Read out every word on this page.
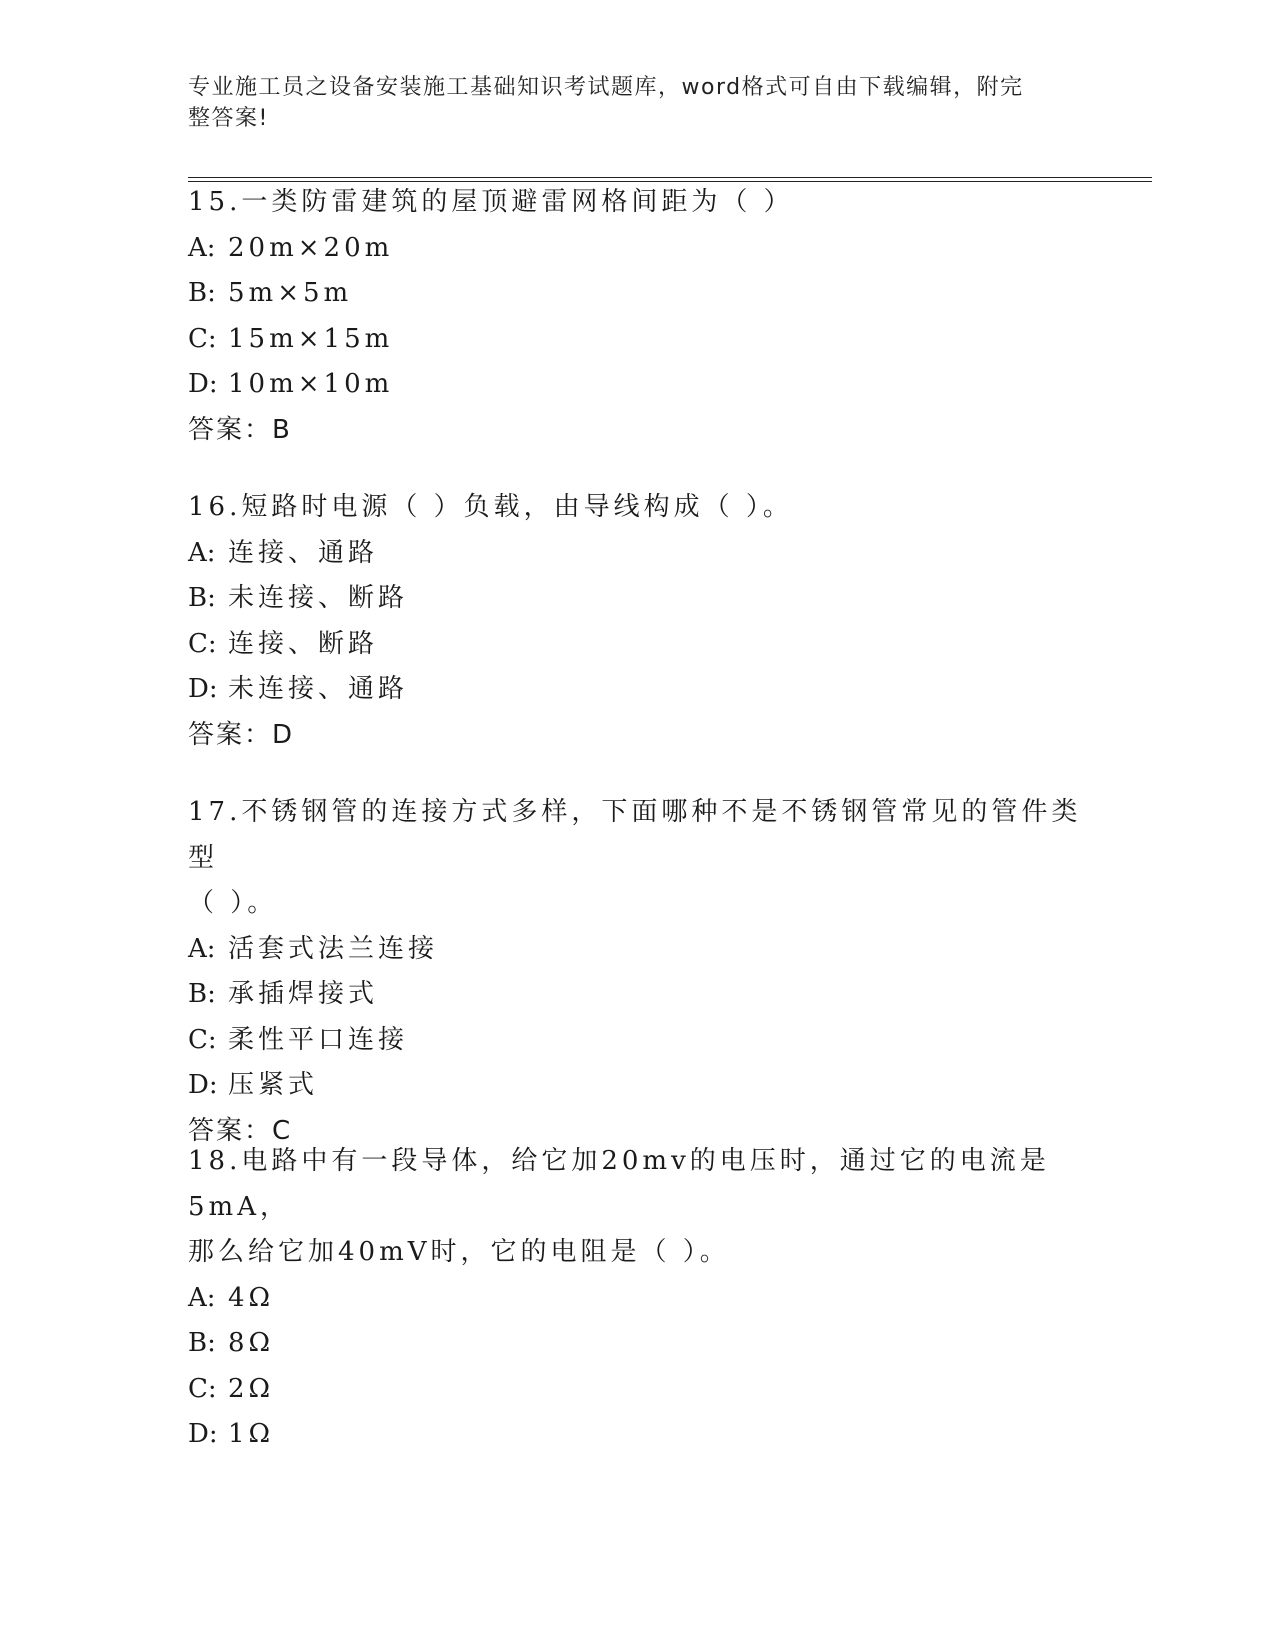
专业施工员之设备安装施工基础知识考试题库，word格式可自由下载编辑，附完
整答案!
15.一类防雷建筑的屋顶避雷网格间距为（ ）
A: 20m×20m
B: 5m×5m
C: 15m×15m
D: 10m×10m
答案：B
16.短路时电源（ ）负载，由导线构成（ ）。
A: 连接、通路
B: 未连接、断路
C: 连接、断路
D: 未连接、通路
答案：D
17.不锈钢管的连接方式多样，下面哪种不是不锈钢管常见的管件类型
（ ）。
A: 活套式法兰连接
B: 承插焊接式
C: 柔性平口连接
D: 压紧式
答案：C
18.电路中有一段导体，给它加20mv的电压时，通过它的电流是5mA，
那么给它加40mV时，它的电阻是（ ）。
A: 4Ω
B: 8Ω
C: 2Ω
D: 1Ω
